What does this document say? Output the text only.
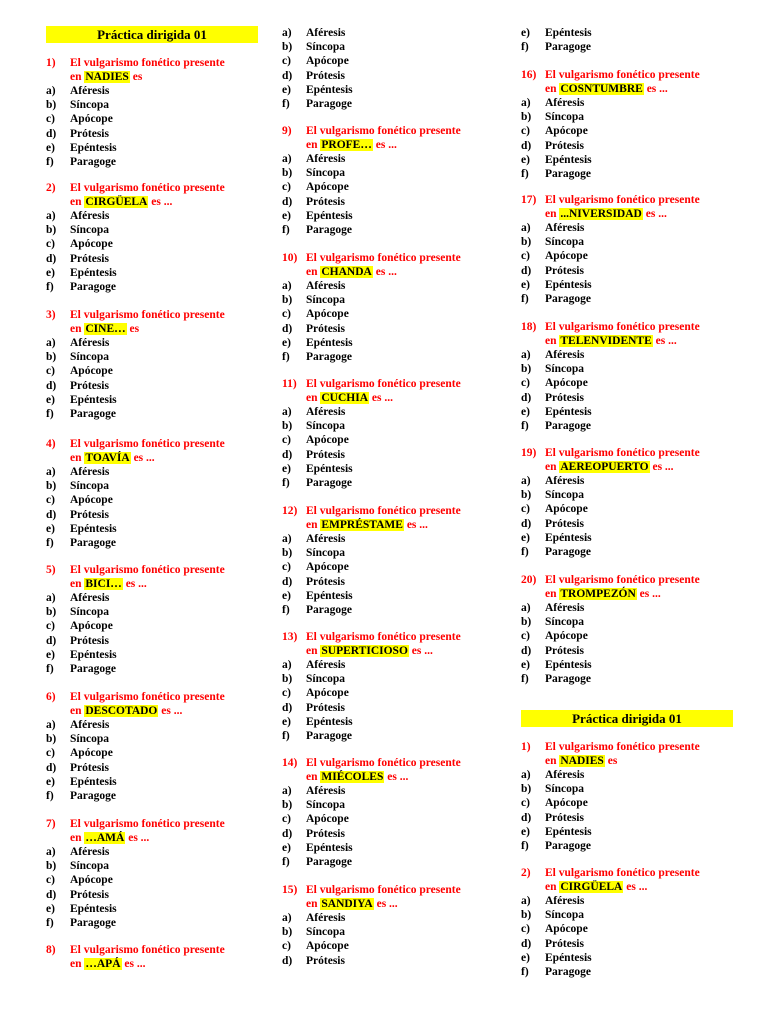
Práctica dirigida 01
1) El vulgarismo fonético presente
en NADIES es
a) Aféresis
b) Síncopa
c) Apócope
d) Prótesis
e) Epéntesis
f) Paragoge
2) El vulgarismo fonético presente
en CIRGÜELA es ...
a) Aféresis
b) Síncopa
c) Apócope
d) Prótesis
e) Epéntesis
f) Paragoge
3) El vulgarismo fonético presente
en CINE… es
a) Aféresis
b) Síncopa
c) Apócope
d) Prótesis
e) Epéntesis
f) Paragoge
4) El vulgarismo fonético presente
en TOAVÍA es ...
a) Aféresis
b) Síncopa
c) Apócope
d) Prótesis
e) Epéntesis
f) Paragoge
5) El vulgarismo fonético presente
en BICI… es ...
a) Aféresis
b) Síncopa
c) Apócope
d) Prótesis
e) Epéntesis
f) Paragoge
6) El vulgarismo fonético presente
en DESCOTADO es ...
a) Aféresis
b) Síncopa
c) Apócope
d) Prótesis
e) Epéntesis
f) Paragoge
7) El vulgarismo fonético presente
en …AMÁ es ...
a) Aféresis
b) Síncopa
c) Apócope
d) Prótesis
e) Epéntesis
f) Paragoge
8) El vulgarismo fonético presente
en …APÁ es ...
a) Aféresis
b) Síncopa
c) Apócope
d) Prótesis
e) Epéntesis
f) Paragoge
9) El vulgarismo fonético presente
en PROFE… es ...
a) Aféresis
b) Síncopa
c) Apócope
d) Prótesis
e) Epéntesis
f) Paragoge
10) El vulgarismo fonético presente
en CHANDA es ...
a) Aféresis
b) Síncopa
c) Apócope
d) Prótesis
e) Epéntesis
f) Paragoge
11) El vulgarismo fonético presente
en CUCHIA es ...
a) Aféresis
b) Síncopa
c) Apócope
d) Prótesis
e) Epéntesis
f) Paragoge
12) El vulgarismo fonético presente
en EMPRÉSTAME es ...
a) Aféresis
b) Síncopa
c) Apócope
d) Prótesis
e) Epéntesis
f) Paragoge
13) El vulgarismo fonético presente
en SUPERTICIOSO es ...
a) Aféresis
b) Síncopa
c) Apócope
d) Prótesis
e) Epéntesis
f) Paragoge
14) El vulgarismo fonético presente
en MIÉCOLES es ...
a) Aféresis
b) Síncopa
c) Apócope
d) Prótesis
e) Epéntesis
f) Paragoge
15) El vulgarismo fonético presente
en SANDIYA es ...
a) Aféresis
b) Síncopa
c) Apócope
d) Prótesis
e) Epéntesis
f) Paragoge
16) El vulgarismo fonético presente
en COSNTUMBRE es ...
a) Aféresis
b) Síncopa
c) Apócope
d) Prótesis
e) Epéntesis
f) Paragoge
17) El vulgarismo fonético presente
en ...NIVERSIDAD es ...
a) Aféresis
b) Síncopa
c) Apócope
d) Prótesis
e) Epéntesis
f) Paragoge
18) El vulgarismo fonético presente
en TELENVIDENTE es ...
a) Aféresis
b) Síncopa
c) Apócope
d) Prótesis
e) Epéntesis
f) Paragoge
19) El vulgarismo fonético presente
en AEREOPUERTO es ...
a) Aféresis
b) Síncopa
c) Apócope
d) Prótesis
e) Epéntesis
f) Paragoge
20) El vulgarismo fonético presente
en TROMPEZÓN es ...
a) Aféresis
b) Síncopa
c) Apócope
d) Prótesis
e) Epéntesis
f) Paragoge
Práctica dirigida 01
1) El vulgarismo fonético presente
en NADIES es
a) Aféresis
b) Síncopa
c) Apócope
d) Prótesis
e) Epéntesis
f) Paragoge
2) El vulgarismo fonético presente
en CIRGÜELA es ...
a) Aféresis
b) Síncopa
c) Apócope
d) Prótesis
e) Epéntesis
f) Paragoge
